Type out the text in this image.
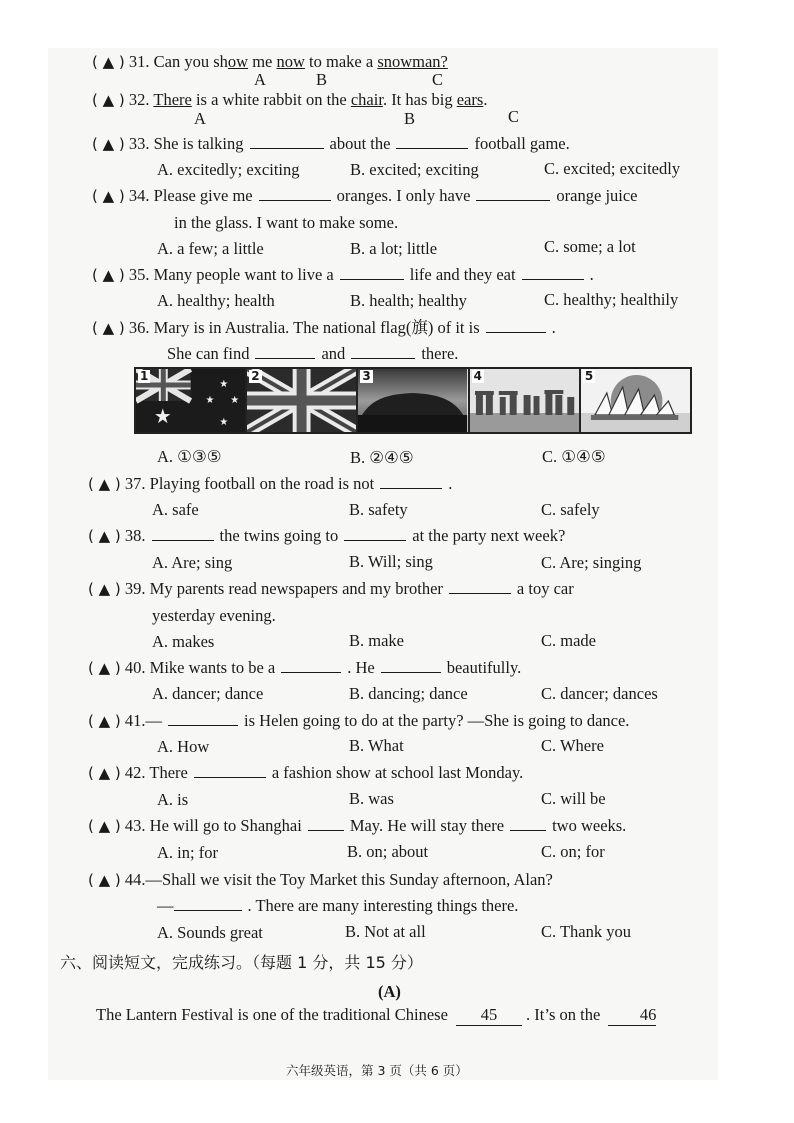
( ▲ ) 31. Can you show me now to make a snowman?
A	B	C
( ▲ ) 32. There is a white rabbit on the chair. It has big ears.
A	B	C
( ▲ ) 33. She is talking	about the	football game.
A. excitedly; exciting	B. excited; exciting	C. excited; excitedly
( ▲ ) 34. Please give me	oranges. I only have	orange juice
in the glass. I want to make some.
A. a few; a little	B. a lot; little	C. some; a lot
( ▲ ) 35. Many people want to live a	life and they eat	.
A. healthy; health	B. health; healthy	C. healthy; healthily
( ▲ ) 36. Mary is in Australia. The national flag(旗) of it is	.
She can find	and	there.
1
★
★
★ ★
★
2	3	4	5
A. ①③⑤	B. ②④⑤	C. ①④⑤
( ▲ ) 37. Playing football on the road is not	.
A. safe	B. safety	C. safely
( ▲ ) 38.	the twins going to	at the party next week?
A. Are; sing	B. Will; sing	C. Are; singing
( ▲ ) 39. My parents read newspapers and my brother	a toy car
yesterday evening.
A. makes	B. make	C. made
( ▲ ) 40. Mike wants to be a	. He	beautifully.
A. dancer; dance	B. dancing; dance	C. dancer; dances
( ▲ ) 41.—	is Helen going to do at the party? —She is going to dance.
A. How	B. What	C. Where
( ▲ ) 42. There	a fashion show at school last Monday.
A. is	B. was	C. will be
( ▲ ) 43. He will go to Shanghai	May. He will stay there	two weeks.
A. in; for	B. on; about	C. on; for
( ▲ ) 44.—Shall we visit the Toy Market this Sunday afternoon, Alan?
—	. There are many interesting things there.
A. Sounds great	B. Not at all	C. Thank you
六、阅读短文，完成练习。（每题 1 分，共 15 分）
(A)
The Lantern Festival is one of the traditional Chinese 45 . It’s on the 46
六年级英语，第 3 页（共 6 页）
